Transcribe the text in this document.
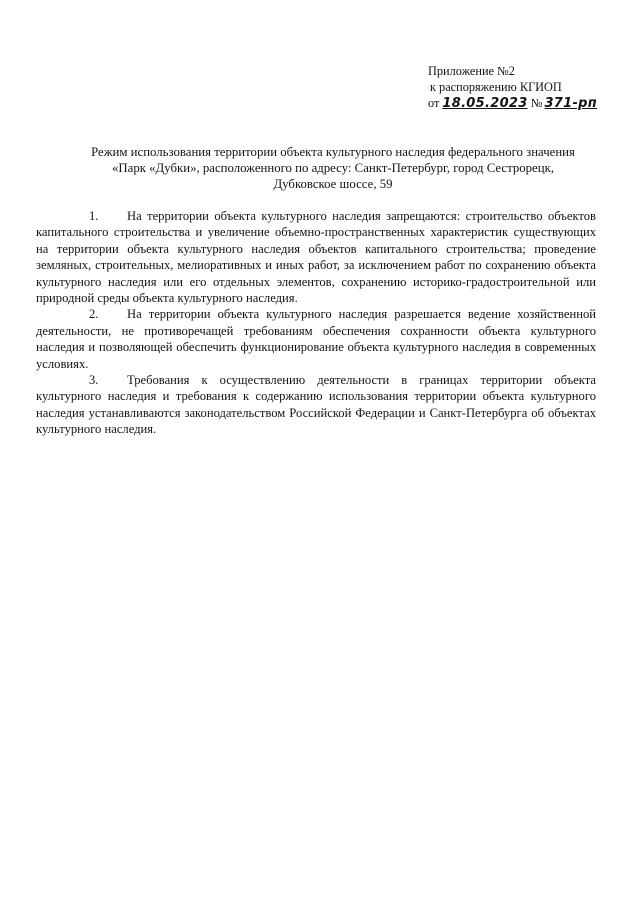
Приложение №2
к распоряжению КГИОП
от 18.05.2023 № 371-рп
Режим использования территории объекта культурного наследия федерального значения
«Парк «Дубки», расположенного по адресу: Санкт-Петербург, город Сестрорецк,
Дубковское шоссе, 59

1. На территории объекта культурного наследия запрещаются: строительство объектов капитального строительства и увеличение объемно-пространственных характеристик существующих на территории объекта культурного наследия объектов капитального строительства; проведение земляных, строительных, мелиоративных и иных работ, за исключением работ по сохранению объекта культурного наследия или его отдельных элементов, сохранению историко-градостроительной или природной среды объекта культурного наследия.

2. На территории объекта культурного наследия разрешается ведение хозяйственной деятельности, не противоречащей требованиям обеспечения сохранности объекта культурного наследия и позволяющей обеспечить функционирование объекта культурного наследия в современных условиях.

3. Требования к осуществлению деятельности в границах территории объекта культурного наследия и требования к содержанию использования территории объекта культурного наследия устанавливаются законодательством Российской Федерации и Санкт-Петербурга об объектах культурного наследия.
